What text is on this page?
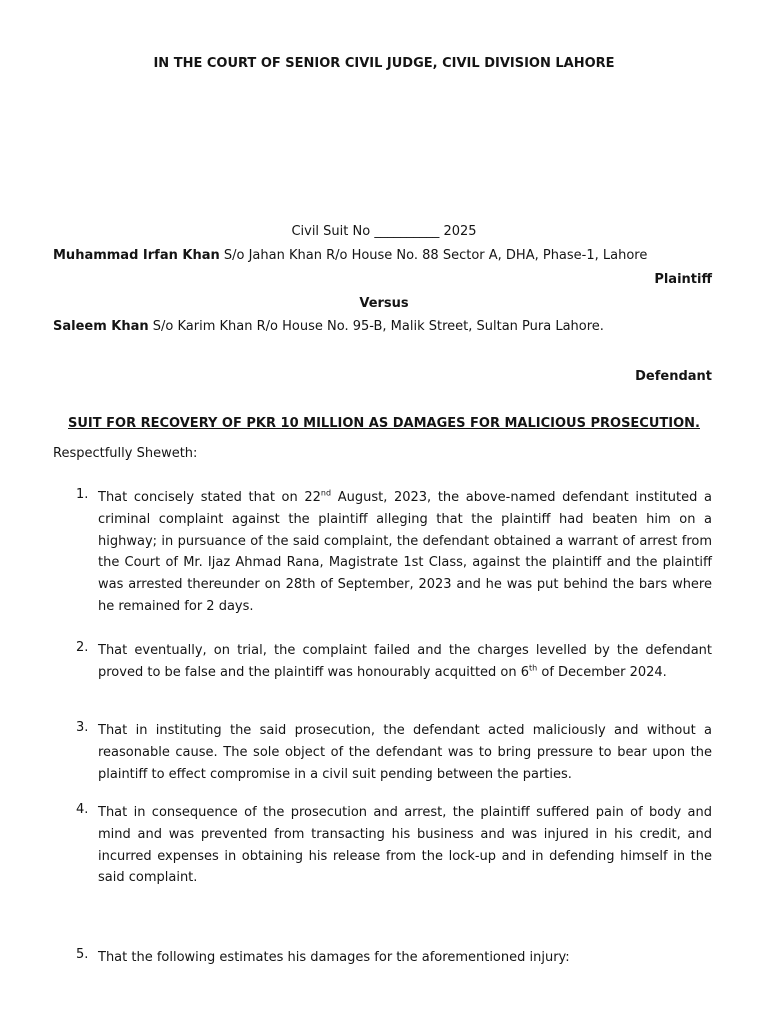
IN THE COURT OF SENIOR CIVIL JUDGE, CIVIL DIVISION LAHORE
Civil Suit No __________ 2025
Muhammad Irfan Khan S/o Jahan Khan R/o House No. 88 Sector A, DHA, Phase-1, Lahore
Plaintiff
Versus
Saleem Khan S/o Karim Khan R/o House No. 95-B, Malik Street, Sultan Pura Lahore.
Defendant
SUIT FOR RECOVERY OF PKR 10 MILLION AS DAMAGES FOR MALICIOUS PROSECUTION.
Respectfully Sheweth:
1. That concisely stated that on 22nd August, 2023, the above-named defendant instituted a criminal complaint against the plaintiff alleging that the plaintiff had beaten him on a highway; in pursuance of the said complaint, the defendant obtained a warrant of arrest from the Court of Mr. Ijaz Ahmad Rana, Magistrate 1st Class, against the plaintiff and the plaintiff was arrested thereunder on 28th of September, 2023 and he was put behind the bars where he remained for 2 days.
2. That eventually, on trial, the complaint failed and the charges levelled by the defendant proved to be false and the plaintiff was honourably acquitted on 6th of December 2024.
3. That in instituting the said prosecution, the defendant acted maliciously and without a reasonable cause. The sole object of the defendant was to bring pressure to bear upon the plaintiff to effect compromise in a civil suit pending between the parties.
4. That in consequence of the prosecution and arrest, the plaintiff suffered pain of body and mind and was prevented from transacting his business and was injured in his credit, and incurred expenses in obtaining his release from the lock-up and in defending himself in the said complaint.
5. That the following estimates his damages for the aforementioned injury:
